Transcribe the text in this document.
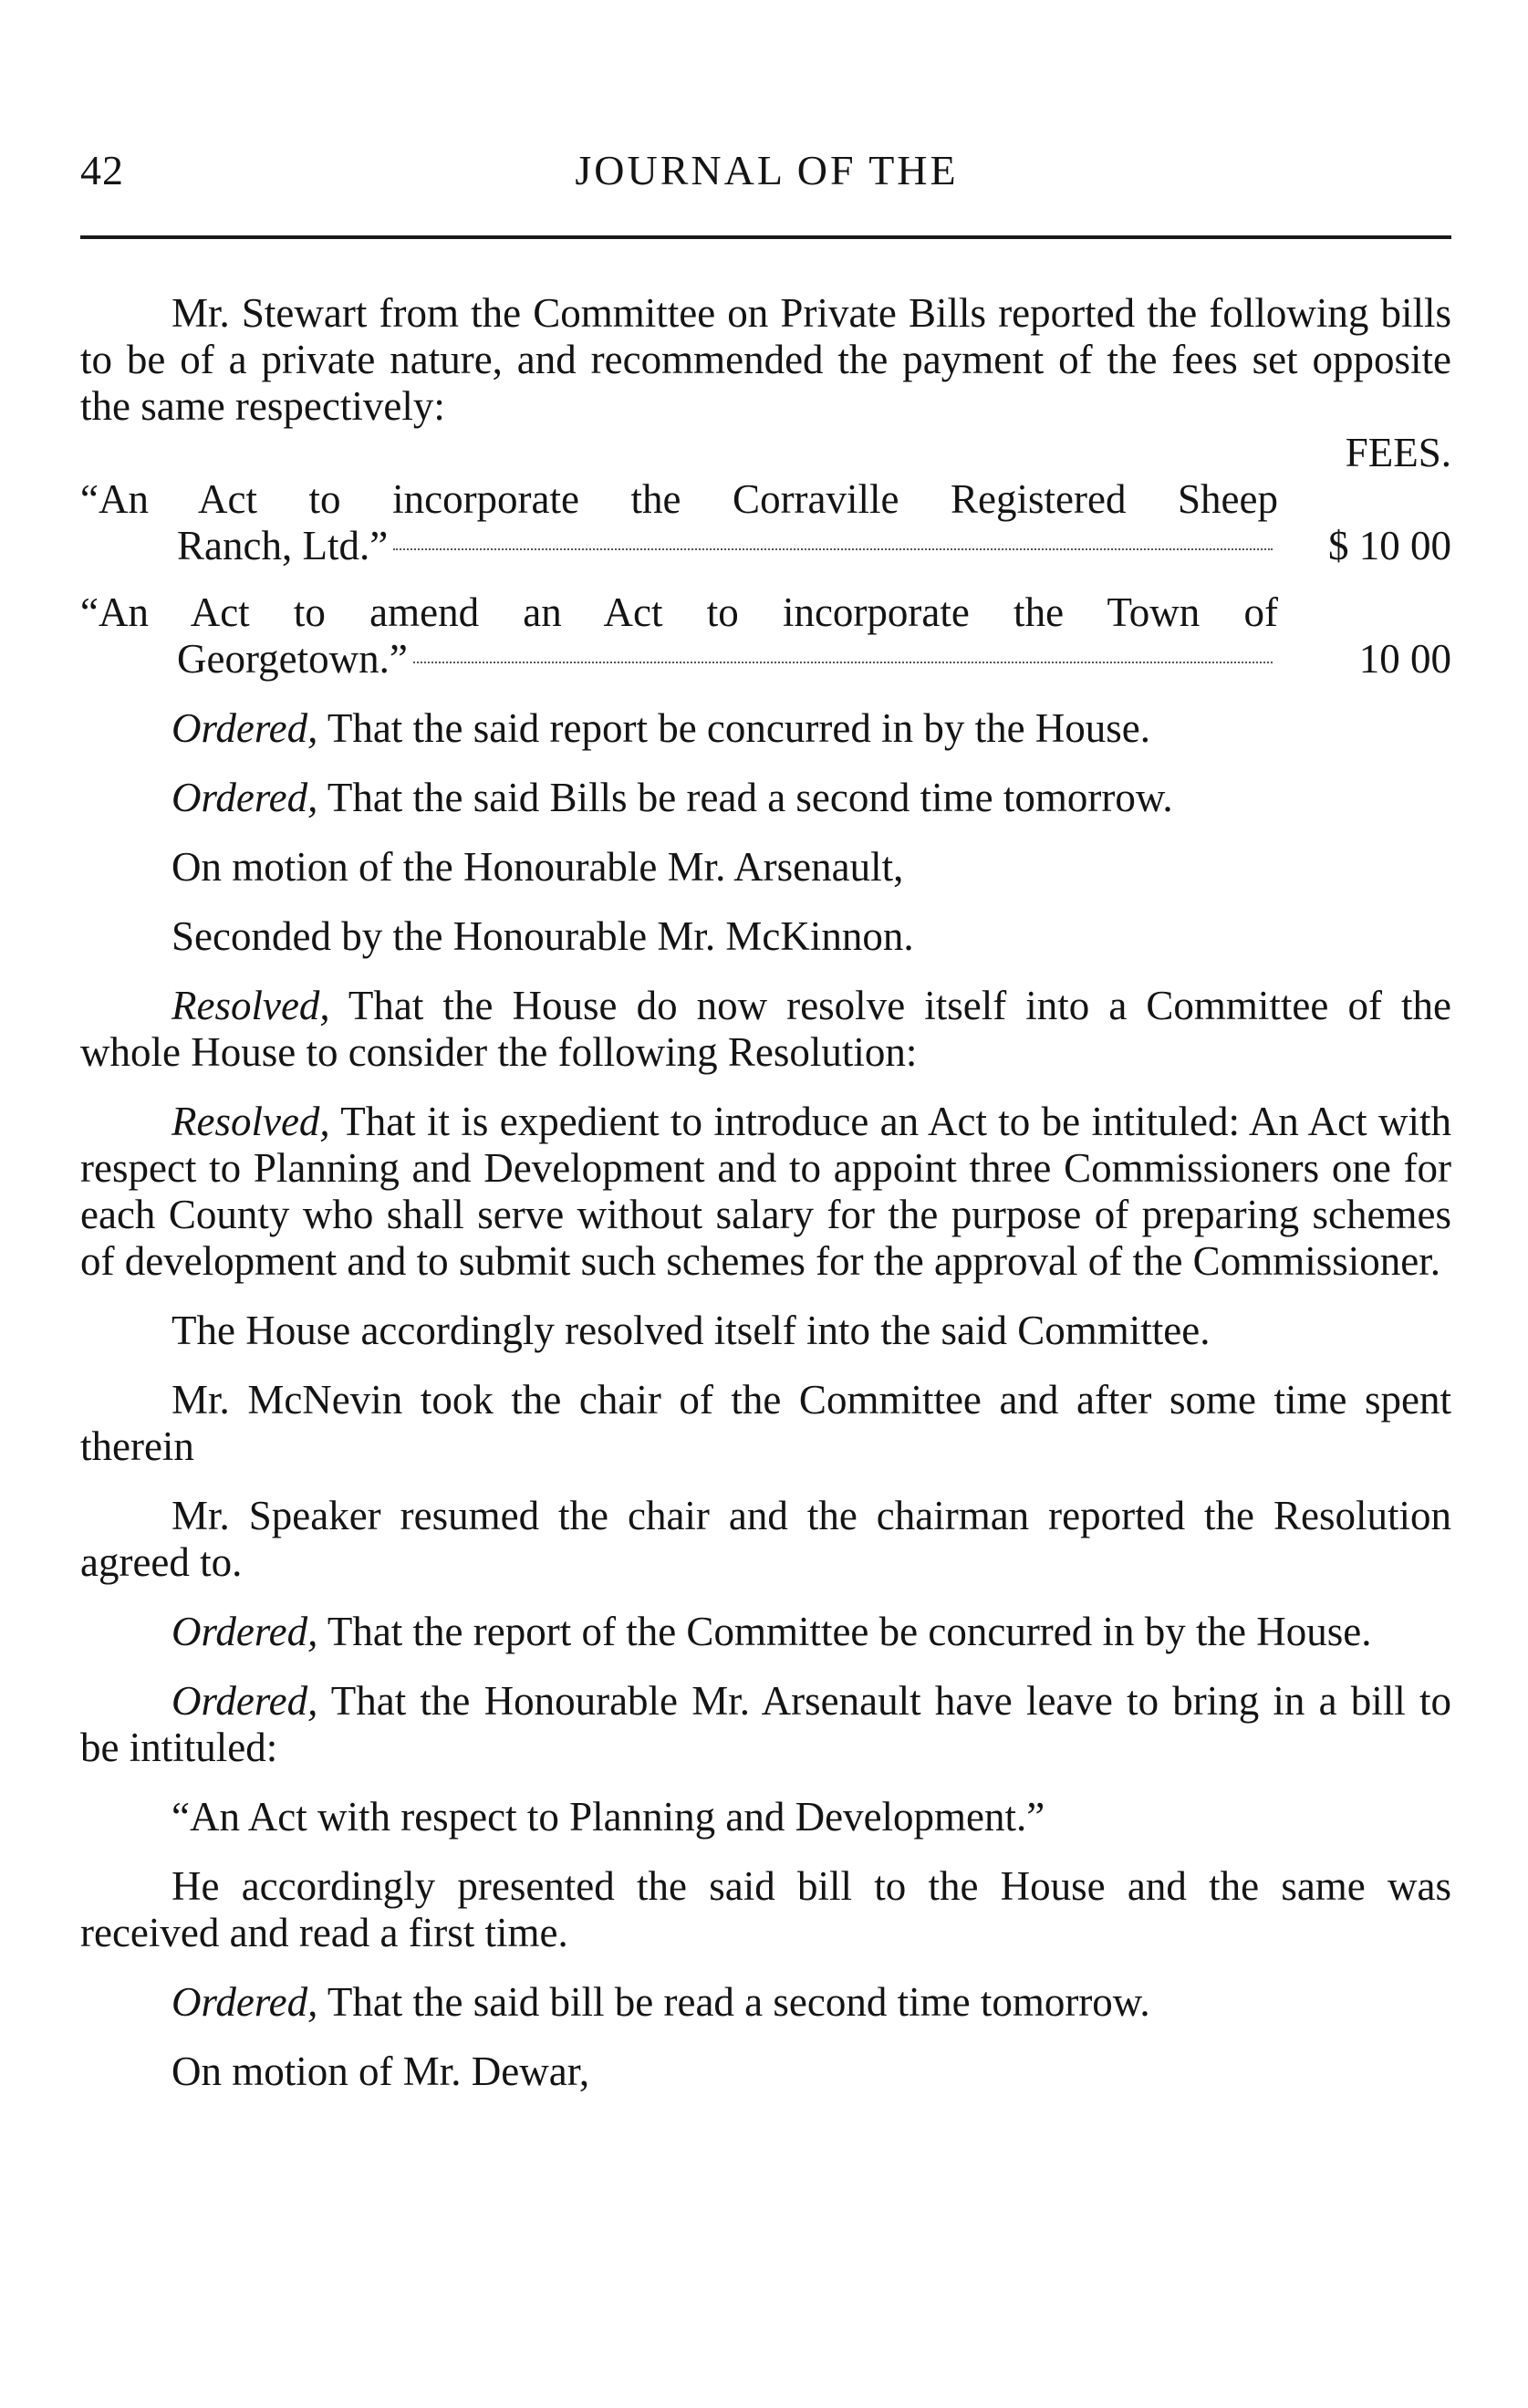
42	JOURNAL OF THE

Mr. Stewart from the Committee on Private Bills reported the following bills to be of a private nature, and recommended the payment of the fees set opposite the same respectively:

FEES.

“An Act to incorporate the Corraville Registered Sheep
Ranch, Ltd.”	$ 10 00
“An Act to amend an Act to incorporate the Town of
Georgetown.”	10 00

Ordered, That the said report be concurred in by the House.

Ordered, That the said Bills be read a second time tomorrow.

On motion of the Honourable Mr. Arsenault,

Seconded by the Honourable Mr. McKinnon.

Resolved, That the House do now resolve itself into a Committee of the whole House to consider the following Resolution:

Resolved, That it is expedient to introduce an Act to be intituled: An Act with respect to Planning and Development and to appoint three Commissioners one for each County who shall serve without salary for the purpose of preparing schemes of development and to submit such schemes for the approval of the Commissioner.

The House accordingly resolved itself into the said Committee.

Mr. McNevin took the chair of the Committee and after some time spent therein

Mr. Speaker resumed the chair and the chairman reported the Resolution agreed to.

Ordered, That the report of the Committee be concurred in by the House.

Ordered, That the Honourable Mr. Arsenault have leave to bring in a bill to be intituled:

“An Act with respect to Planning and Development.”

He accordingly presented the said bill to the House and the same was received and read a first time.

Ordered, That the said bill be read a second time tomorrow.

On motion of Mr. Dewar,
